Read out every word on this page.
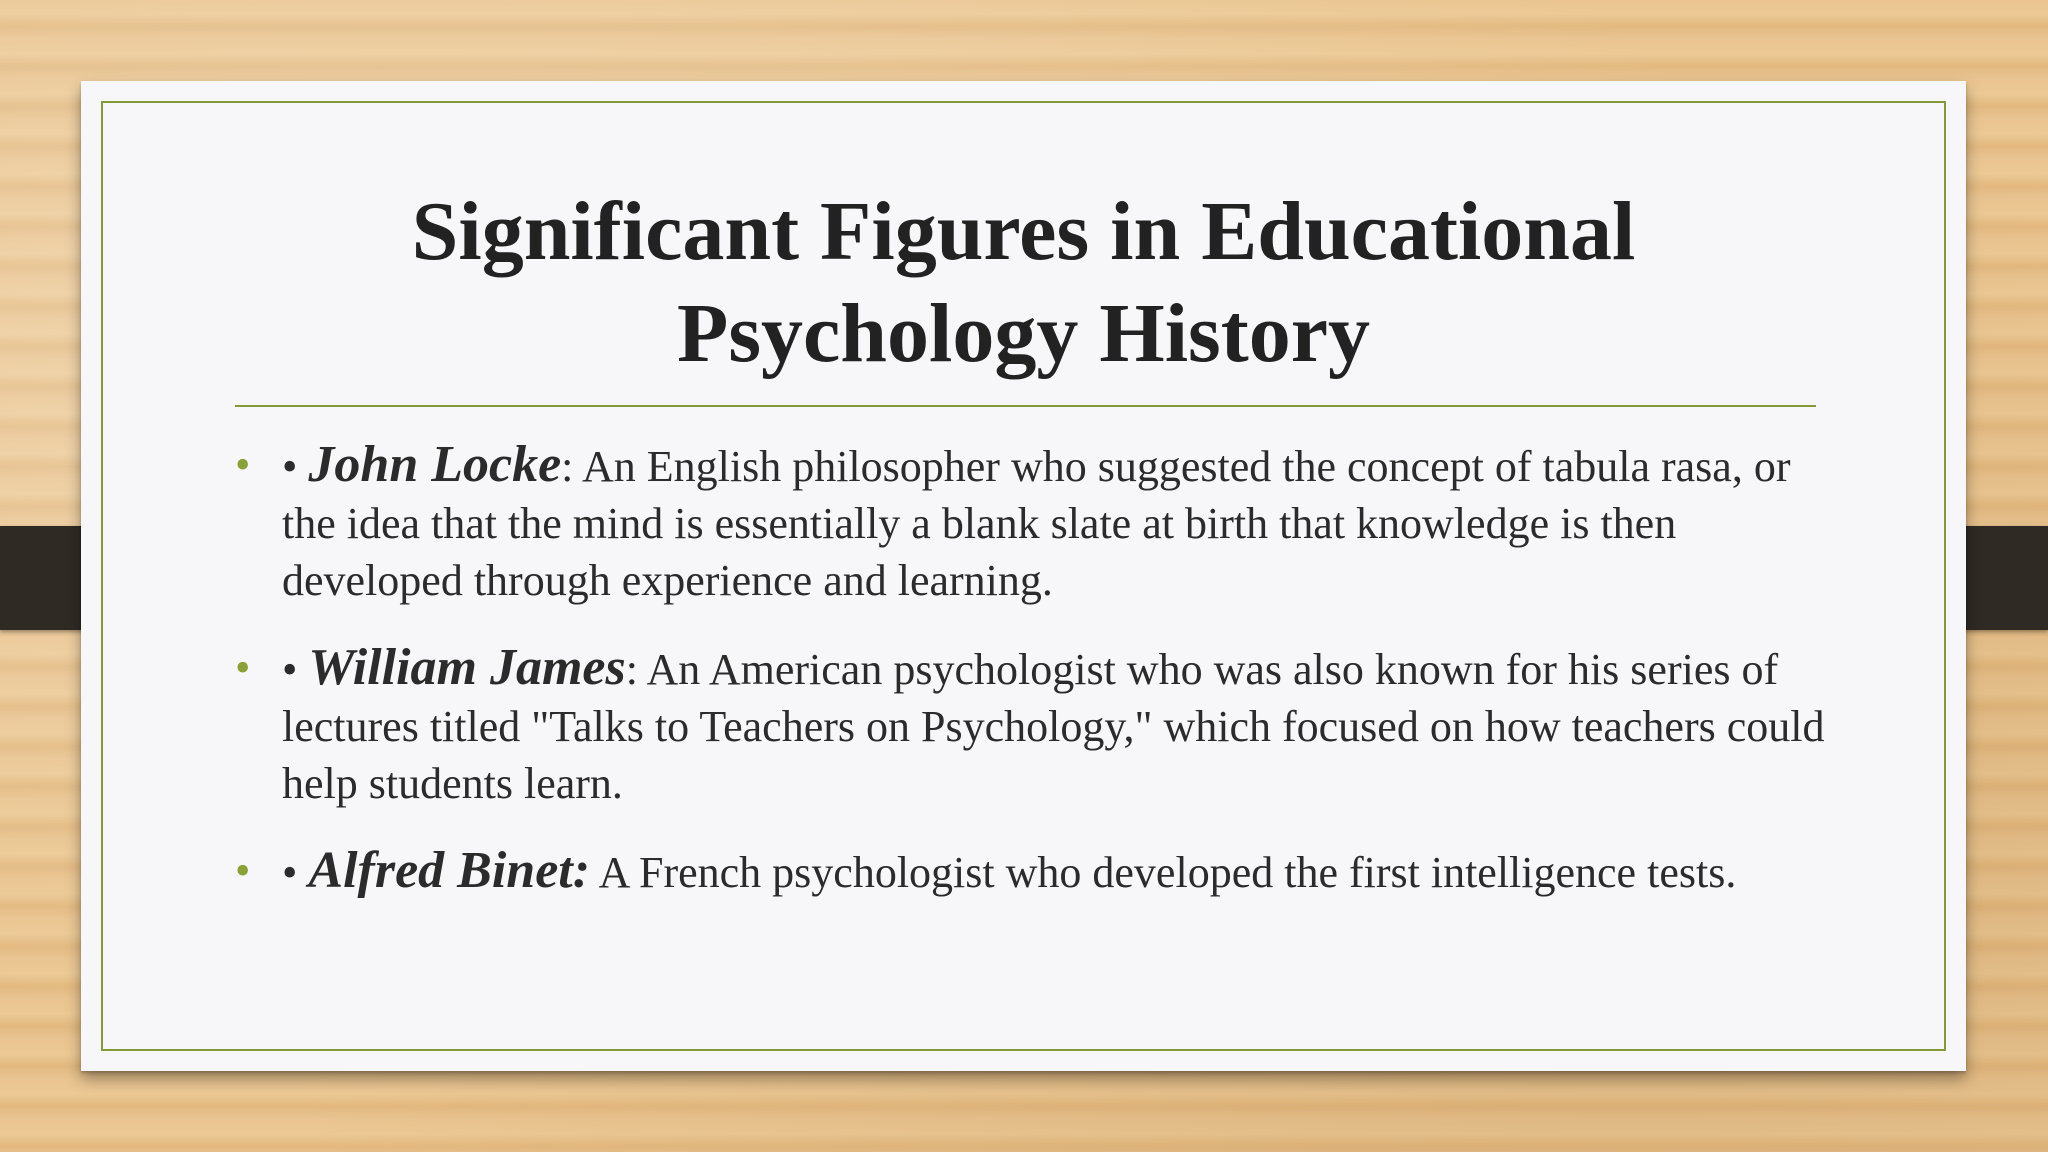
Significant Figures in Educational
Psychology History
• • John Locke: An English philosopher who suggested the concept of tabula rasa, or the idea that the mind is essentially a blank slate at birth that knowledge is then developed through experience and learning.
• • William James: An American psychologist who was also known for his series of lectures titled "Talks to Teachers on Psychology," which focused on how teachers could help students learn.
• • Alfred Binet: A French psychologist who developed the first intelligence tests.
